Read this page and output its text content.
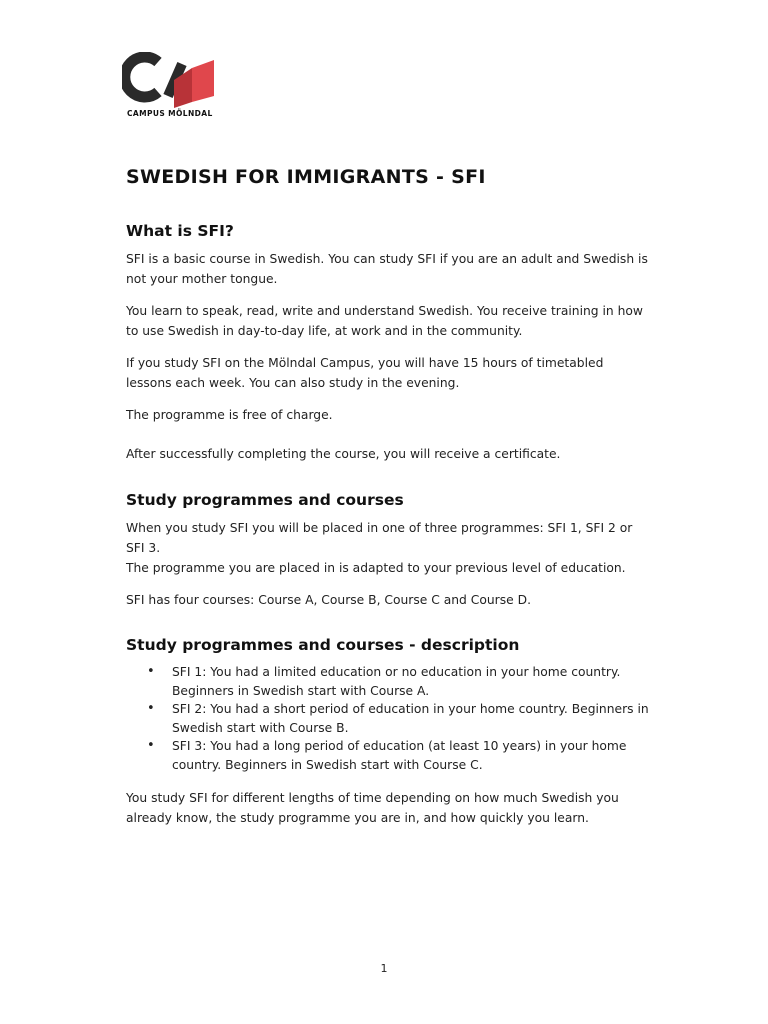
CAMPUS MÖLNDAL
SWEDISH FOR IMMIGRANTS - SFI
What is SFI?

SFI is a basic course in Swedish. You can study SFI if you are an adult and Swedish is not your mother tongue.

You learn to speak, read, write and understand Swedish. You receive training in how to use Swedish in day-to-day life, at work and in the community.

If you study SFI on the Mölndal Campus, you will have 15 hours of timetabled lessons each week. You can also study in the evening.

The programme is free of charge.

After successfully completing the course, you will receive a certificate.

Study programmes and courses

When you study SFI you will be placed in one of three programmes: SFI 1, SFI 2 or SFI 3.
The programme you are placed in is adapted to your previous level of education.

SFI has four courses: Course A, Course B, Course C and Course D.

Study programmes and courses - description
• SFI 1: You had a limited education or no education in your home country. Beginners in Swedish start with Course A.
• SFI 2: You had a short period of education in your home country. Beginners in Swedish start with Course B.
• SFI 3: You had a long period of education (at least 10 years) in your home country. Beginners in Swedish start with Course C.

You study SFI for different lengths of time depending on how much Swedish you already know, the study programme you are in, and how quickly you learn.

1
